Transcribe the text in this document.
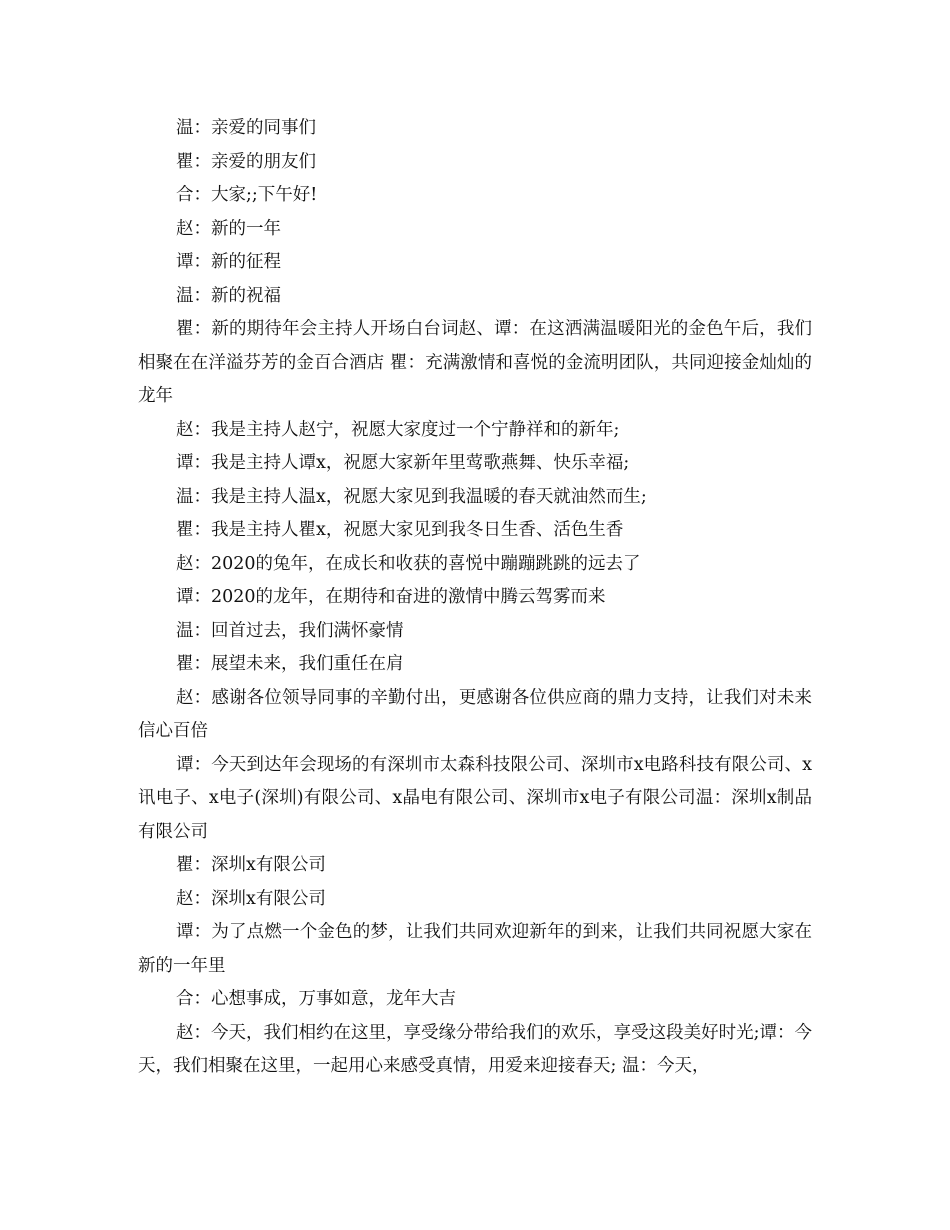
温：亲爱的同事们

瞿：亲爱的朋友们

合：大家;;下午好!

赵：新的一年

谭：新的征程

温：新的祝福

瞿：新的期待年会主持人开场白台词赵、谭：在这洒满温暖阳光的金色午后，我们相聚在在洋溢芬芳的金百合酒店 瞿：充满激情和喜悦的金流明团队，共同迎接金灿灿的龙年

赵：我是主持人赵宁，祝愿大家度过一个宁静祥和的新年;

谭：我是主持人谭x，祝愿大家新年里莺歌燕舞、快乐幸福;

温：我是主持人温x，祝愿大家见到我温暖的春天就油然而生;

瞿：我是主持人瞿x，祝愿大家见到我冬日生香、活色生香

赵：2020的兔年，在成长和收获的喜悦中蹦蹦跳跳的远去了

谭：2020的龙年，在期待和奋进的激情中腾云驾雾而来

温：回首过去，我们满怀豪情

瞿：展望未来，我们重任在肩

赵：感谢各位领导同事的辛勤付出，更感谢各位供应商的鼎力支持，让我们对未来信心百倍

谭：今天到达年会现场的有深圳市太森科技限公司、深圳市x电路科技有限公司、x讯电子、x电子(深圳)有限公司、x晶电有限公司、深圳市x电子有限公司温：深圳x制品有限公司

瞿：深圳x有限公司

赵：深圳x有限公司

谭：为了点燃一个金色的梦，让我们共同欢迎新年的到来，让我们共同祝愿大家在新的一年里

合：心想事成，万事如意，龙年大吉

赵：今天，我们相约在这里，享受缘分带给我们的欢乐，享受这段美好时光;谭：今天，我们相聚在这里，一起用心来感受真情，用爱来迎接春天; 温：今天，
